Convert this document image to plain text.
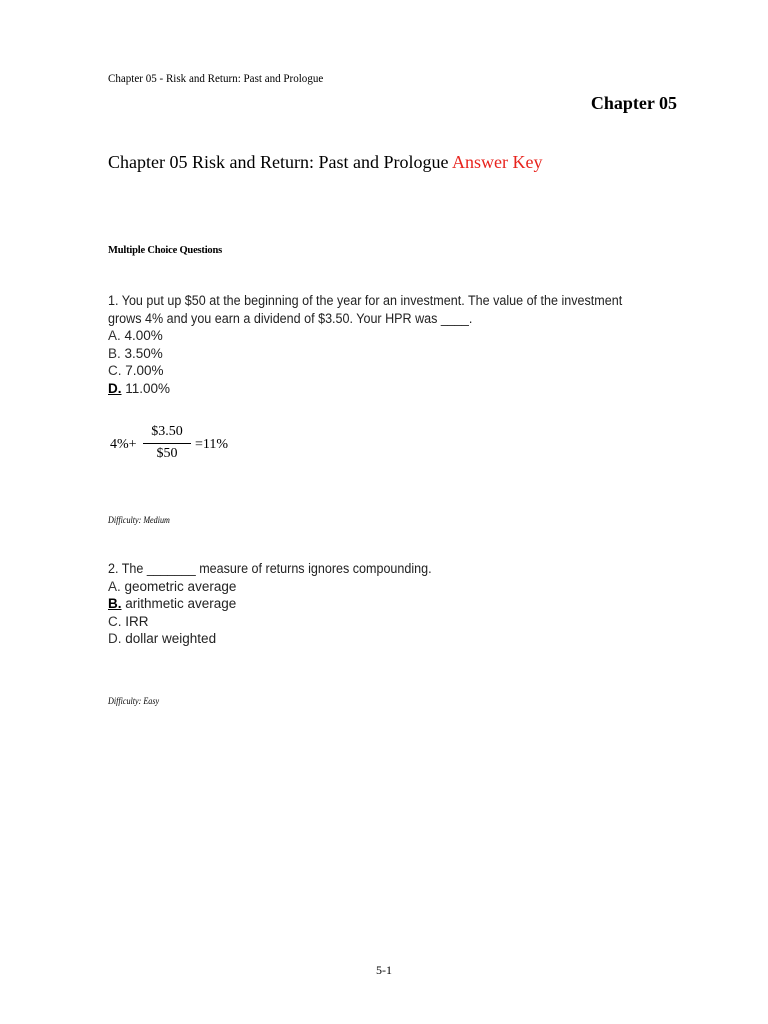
Chapter 05 - Risk and Return: Past and Prologue
Chapter 05
Chapter 05 Risk and Return: Past and Prologue Answer Key
Multiple Choice Questions
1. You put up $50 at the beginning of the year for an investment. The value of the investment
grows 4% and you earn a dividend of $3.50. Your HPR was ____.
A. 4.00%
B. 3.50%
C. 7.00%
D. 11.00%
4%+
$3.50
$50
=11%
Difficulty: Medium
2. The _______ measure of returns ignores compounding.
A. geometric average
B. arithmetic average
C. IRR
D. dollar weighted
Difficulty: Easy
5-1
